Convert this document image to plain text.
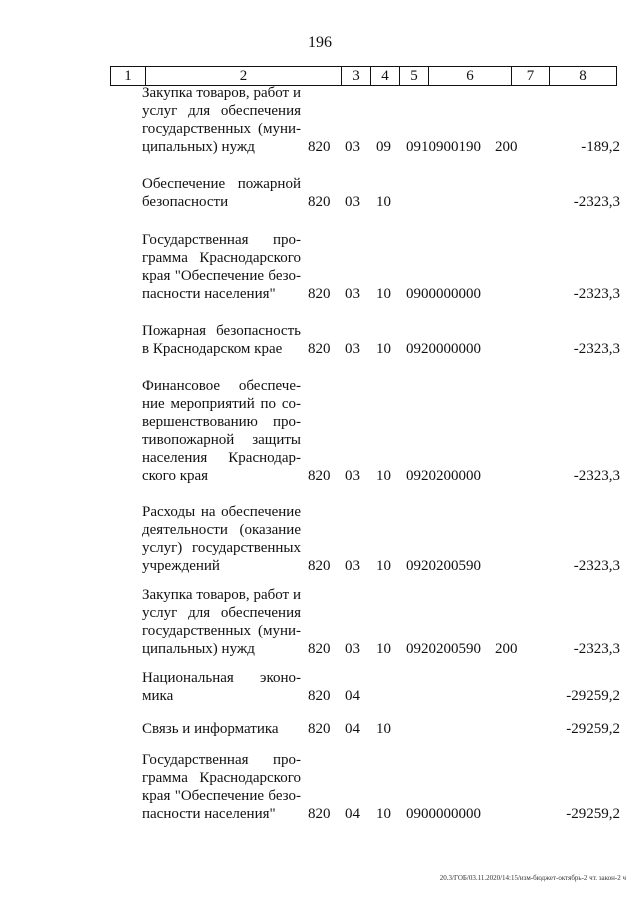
196
1	2	3	4	5	6	7	8
Закупка товаров, работ и
услуг для обеспечения
государственных (муни-
ципальных) нужд	820 03 09 0910900190 200	-189,2
Обеспечение пожарной
безопасности	820 03 10	-2323,3
Государственная про-
грамма Краснодарского
края "Обеспечение безо-
пасности населения"	820 03 10 0900000000	-2323,3
Пожарная безопасность
в Краснодарском крае	820 03 10 0920000000	-2323,3
Финансовое обеспече-
ние мероприятий по со-
вершенствованию про-
тивопожарной защиты
населения Краснодар-
ского края	820 03 10 0920200000	-2323,3
Расходы на обеспечение
деятельности (оказание
услуг) государственных
учреждений	820 03 10 0920200590	-2323,3
Закупка товаров, работ и
услуг для обеспечения
государственных (муни-
ципальных) нужд	820 03 10 0920200590 200	-2323,3
Национальная эконо-
мика	820 04	-29259,2
Связь и информатика	820 04 10	-29259,2
Государственная про-
грамма Краснодарского
края "Обеспечение безо-
пасности населения"	820 04 10 0900000000	-29259,2
20.3/ГОБ/03.11.2020/14:15/изм-бюджет-октябрь-2 чт. закон-2 ч
